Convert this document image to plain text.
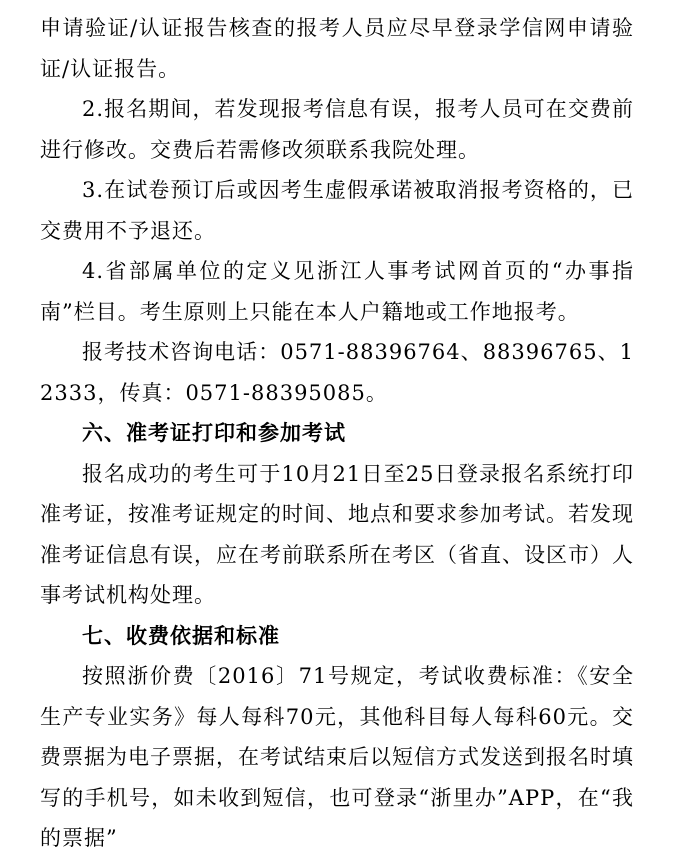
申请验证/认证报告核查的报考人员应尽早登录学信网申请验证/认证报告。

2.报名期间，若发现报考信息有误，报考人员可在交费前进行修改。交费后若需修改须联系我院处理。

3.在试卷预订后或因考生虚假承诺被取消报考资格的，已交费用不予退还。

4.省部属单位的定义见浙江人事考试网首页的“办事指南”栏目。考生原则上只能在本人户籍地或工作地报考。

报考技术咨询电话：0571-88396764、88396765、12333，传真：0571-88395085。

六、准考证打印和参加考试

报名成功的考生可于10月21日至25日登录报名系统打印准考证，按准考证规定的时间、地点和要求参加考试。若发现准考证信息有误，应在考前联系所在考区（省直、设区市）人事考试机构处理。

七、收费依据和标准

按照浙价费〔2016〕71号规定，考试收费标准：《安全生产专业实务》每人每科70元，其他科目每人每科60元。交费票据为电子票据，在考试结束后以短信方式发送到报名时填写的手机号，如未收到短信，也可登录“浙里办”APP，在“我的票据”
